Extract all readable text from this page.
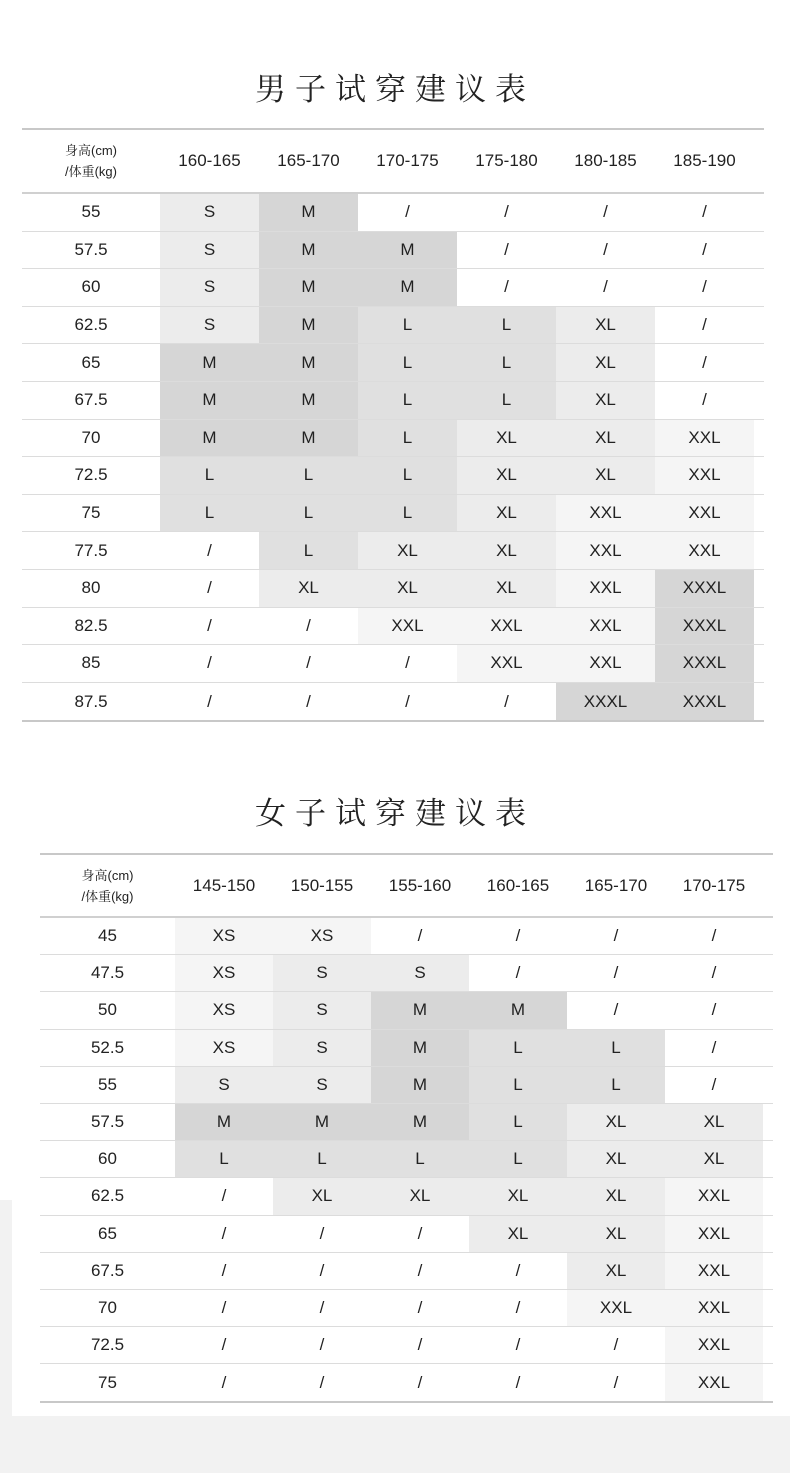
男子试穿建议表
身高(cm)
/体重(kg)
160-165	165-170	170-175	175-180	180-185	185-190
55	S	M	/	/	/	/
57.5	S	M	M	/	/	/
60	S	M	M	/	/	/
62.5	S	M	L	L	XL	/
65	M	M	L	L	XL	/
67.5	M	M	L	L	XL	/
70	M	M	L	XL	XL	XXL
72.5	L	L	L	XL	XL	XXL
75	L	L	L	XL	XXL	XXL
77.5	/	L	XL	XL	XXL	XXL
80	/	XL	XL	XL	XXL	XXXL
82.5	/	/	XXL	XXL	XXL	XXXL
85	/	/	/	XXL	XXL	XXXL
87.5	/	/	/	/	XXXL	XXXL
女子试穿建议表
身高(cm)
/体重(kg)
145-150	150-155	155-160	160-165	165-170	170-175
45	XS	XS	/	/	/	/
47.5	XS	S	S	/	/	/
50	XS	S	M	M	/	/
52.5	XS	S	M	L	L	/
55	S	S	M	L	L	/
57.5	M	M	M	L	XL	XL
60	L	L	L	L	XL	XL
62.5	/	XL	XL	XL	XL	XXL
65	/	/	/	XL	XL	XXL
67.5	/	/	/	/	XL	XXL
70	/	/	/	/	XXL	XXL
72.5	/	/	/	/	/	XXL
75	/	/	/	/	/	XXL
